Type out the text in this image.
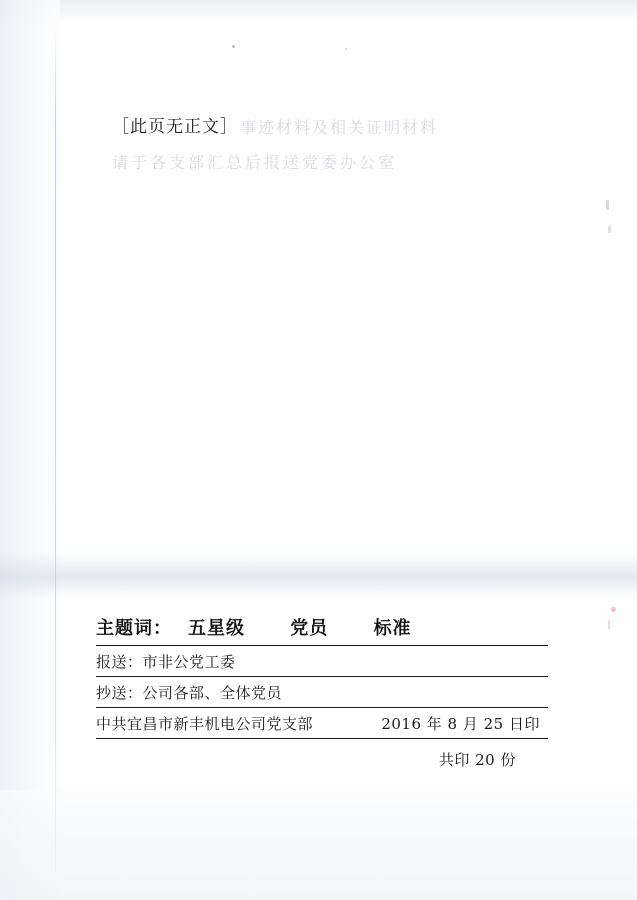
事迹材料及相关证明材料
请于各支部汇总后报送党委办公室
［此页无正文］
主题词： 五星级	党员	标准
报送：市非公党工委
抄送：公司各部、全体党员
中共宜昌市新丰机电公司党支部	2016 年 8 月 25 日印
共印 20 份
